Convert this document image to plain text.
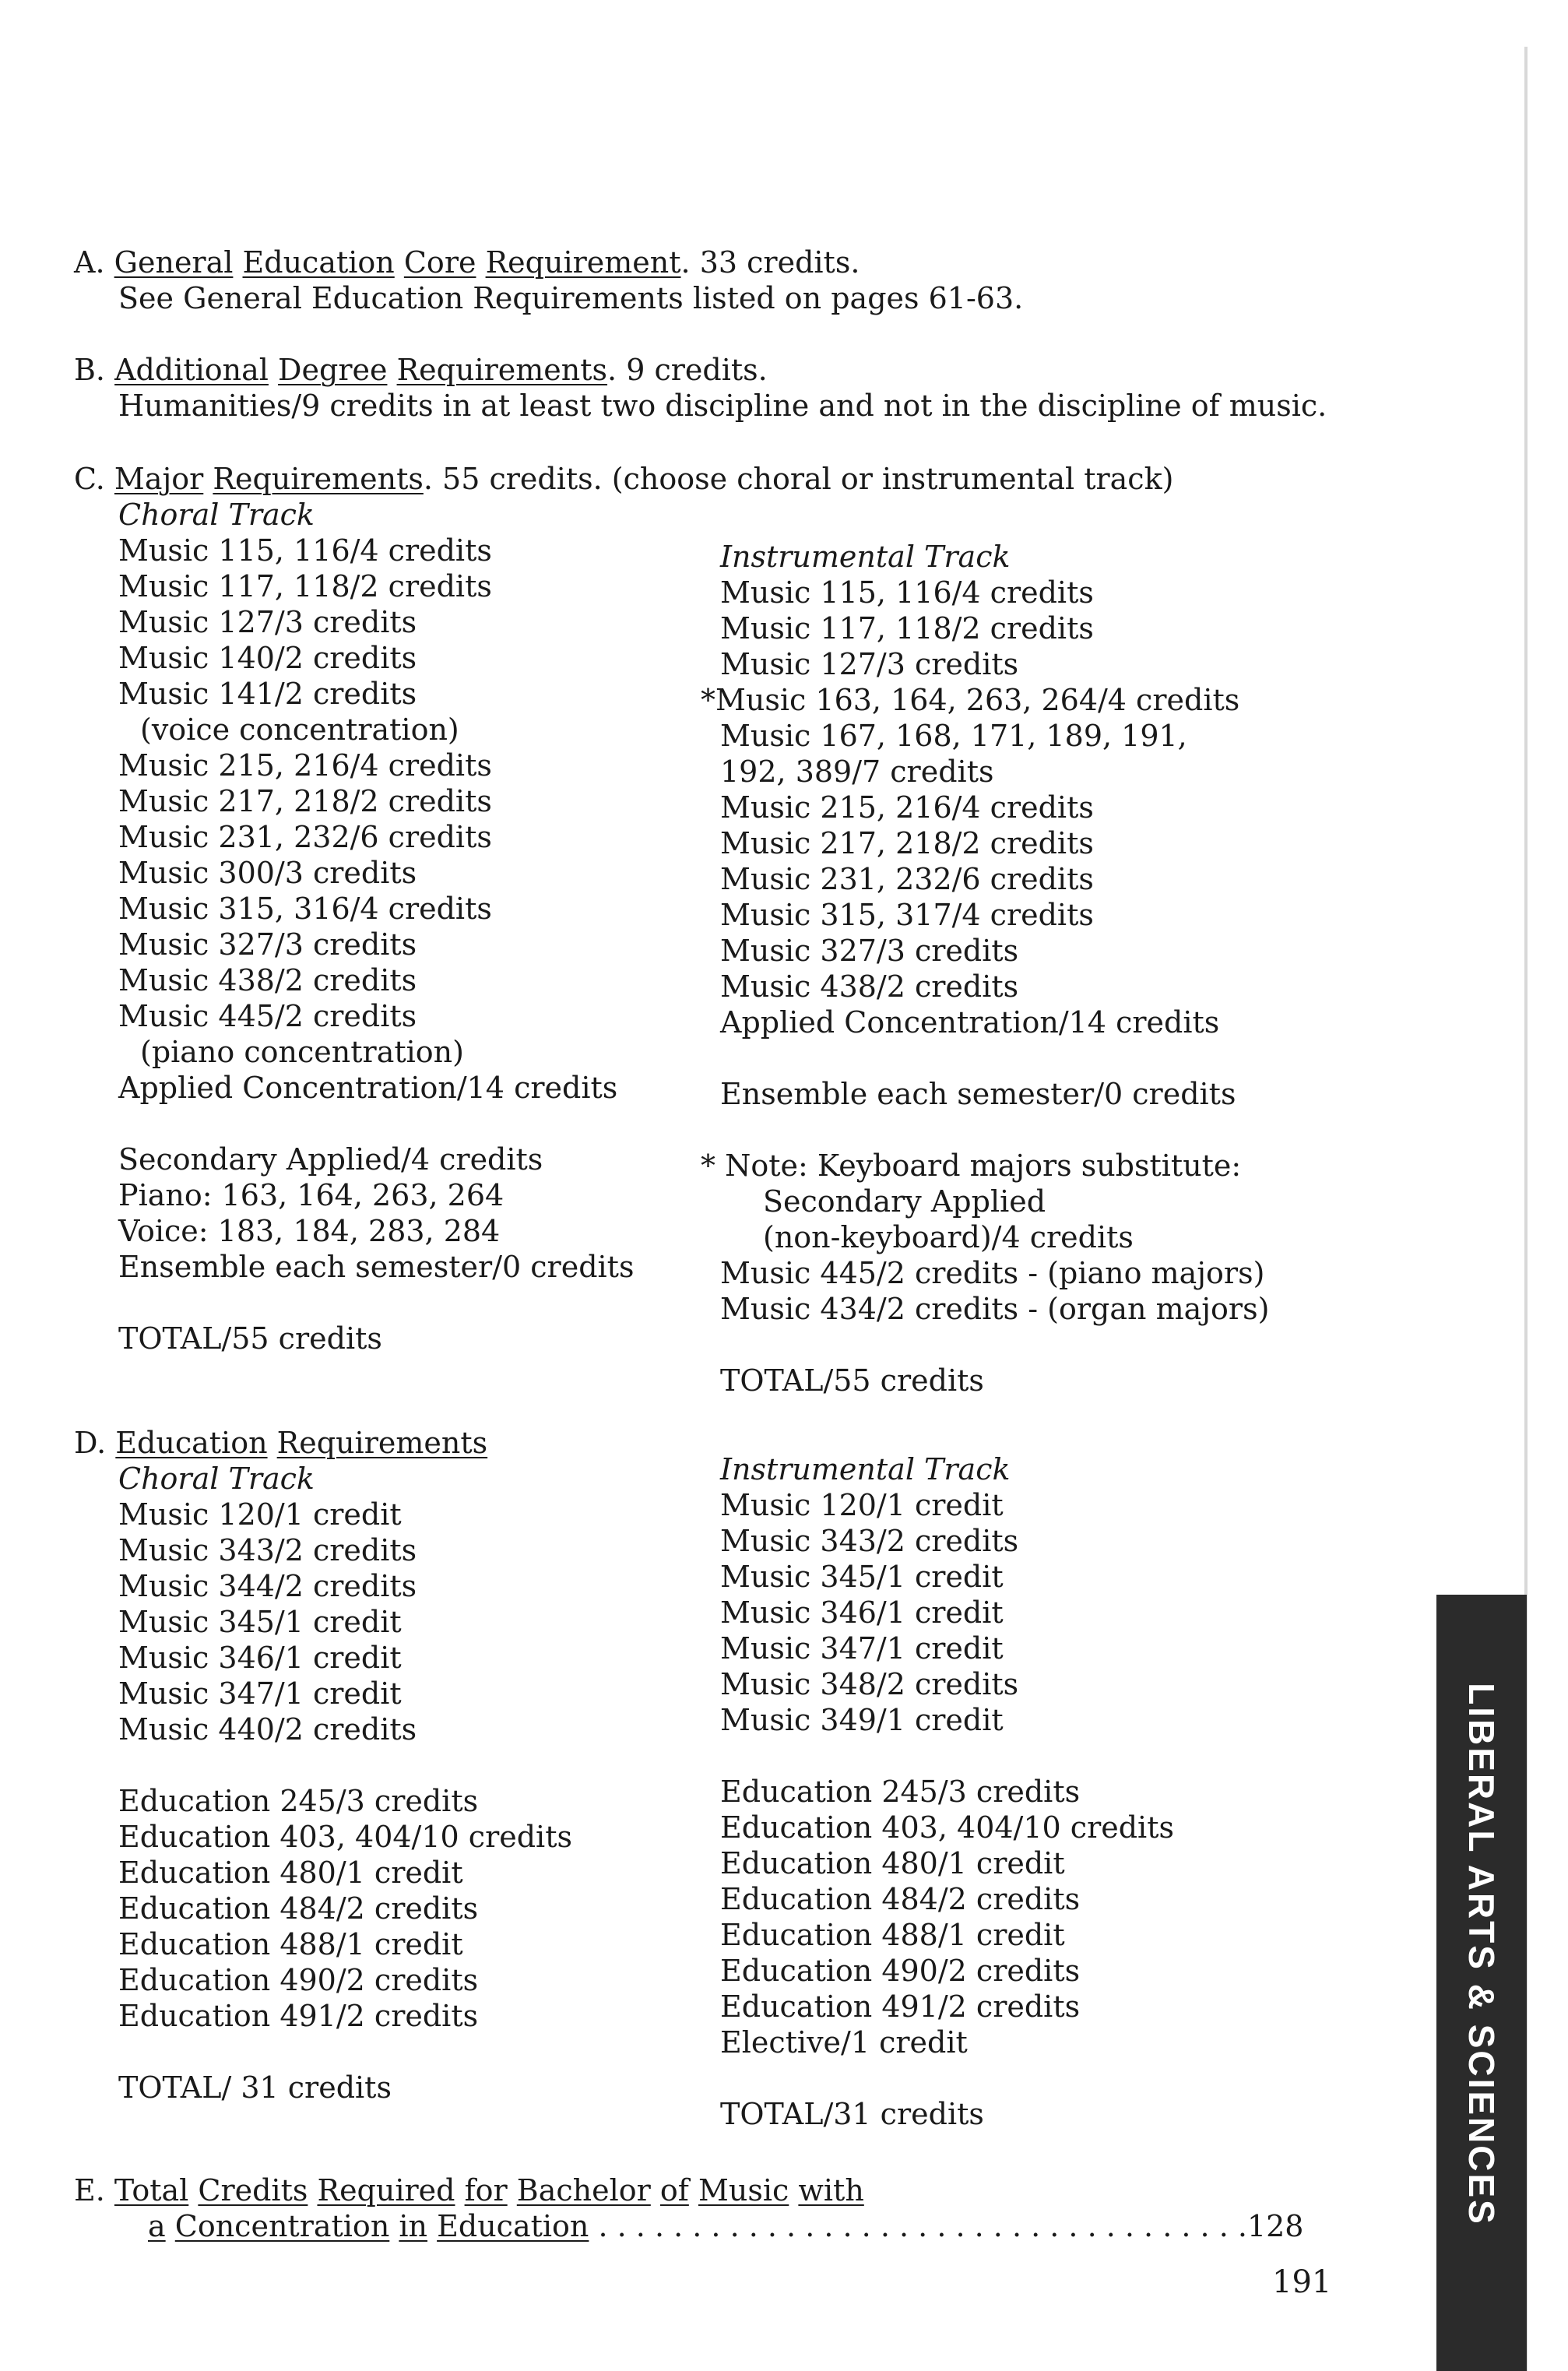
A. General Education Core Requirement. 33 credits.
See General Education Requirements listed on pages 61-63.
B. Additional Degree Requirements. 9 credits.
Humanities/9 credits in at least two discipline and not in the discipline of music.
C. Major Requirements. 55 credits. (choose choral or instrumental track)
Choral Track
Music 115, 116/4 credits
Music 117, 118/2 credits
Music 127/3 credits
Music 140/2 credits
Music 141/2 credits
(voice concentration)
Music 215, 216/4 credits
Music 217, 218/2 credits
Music 231, 232/6 credits
Music 300/3 credits
Music 315, 316/4 credits
Music 327/3 credits
Music 438/2 credits
Music 445/2 credits
(piano concentration)
Applied Concentration/14 credits
Secondary Applied/4 credits
Piano: 163, 164, 263, 264
Voice: 183, 184, 283, 284
Ensemble each semester/0 credits
TOTAL/55 credits
Instrumental Track
Music 115, 116/4 credits
Music 117, 118/2 credits
Music 127/3 credits
*Music 163, 164, 263, 264/4 credits
Music 167, 168, 171, 189, 191,
192, 389/7 credits
Music 215, 216/4 credits
Music 217, 218/2 credits
Music 231, 232/6 credits
Music 315, 317/4 credits
Music 327/3 credits
Music 438/2 credits
Applied Concentration/14 credits
Ensemble each semester/0 credits
* Note: Keyboard majors substitute:
Secondary Applied
(non-keyboard)/4 credits
Music 445/2 credits - (piano majors)
Music 434/2 credits - (organ majors)
TOTAL/55 credits
D. Education Requirements
Choral Track
Music 120/1 credit
Music 343/2 credits
Music 344/2 credits
Music 345/1 credit
Music 346/1 credit
Music 347/1 credit
Music 440/2 credits
Education 245/3 credits
Education 403, 404/10 credits
Education 480/1 credit
Education 484/2 credits
Education 488/1 credit
Education 490/2 credits
Education 491/2 credits
TOTAL/ 31 credits
Instrumental Track
Music 120/1 credit
Music 343/2 credits
Music 345/1 credit
Music 346/1 credit
Music 347/1 credit
Music 348/2 credits
Music 349/1 credit
Education 245/3 credits
Education 403, 404/10 credits
Education 480/1 credit
Education 484/2 credits
Education 488/1 credit
Education 490/2 credits
Education 491/2 credits
Elective/1 credit
TOTAL/31 credits
E. Total Credits Required for Bachelor of Music with
a Concentration in Education . . . . . . . . . . . . . . . . . . . . . . . . . . . . . . . . . . .128
LIBERAL ARTS & SCIENCES
191
